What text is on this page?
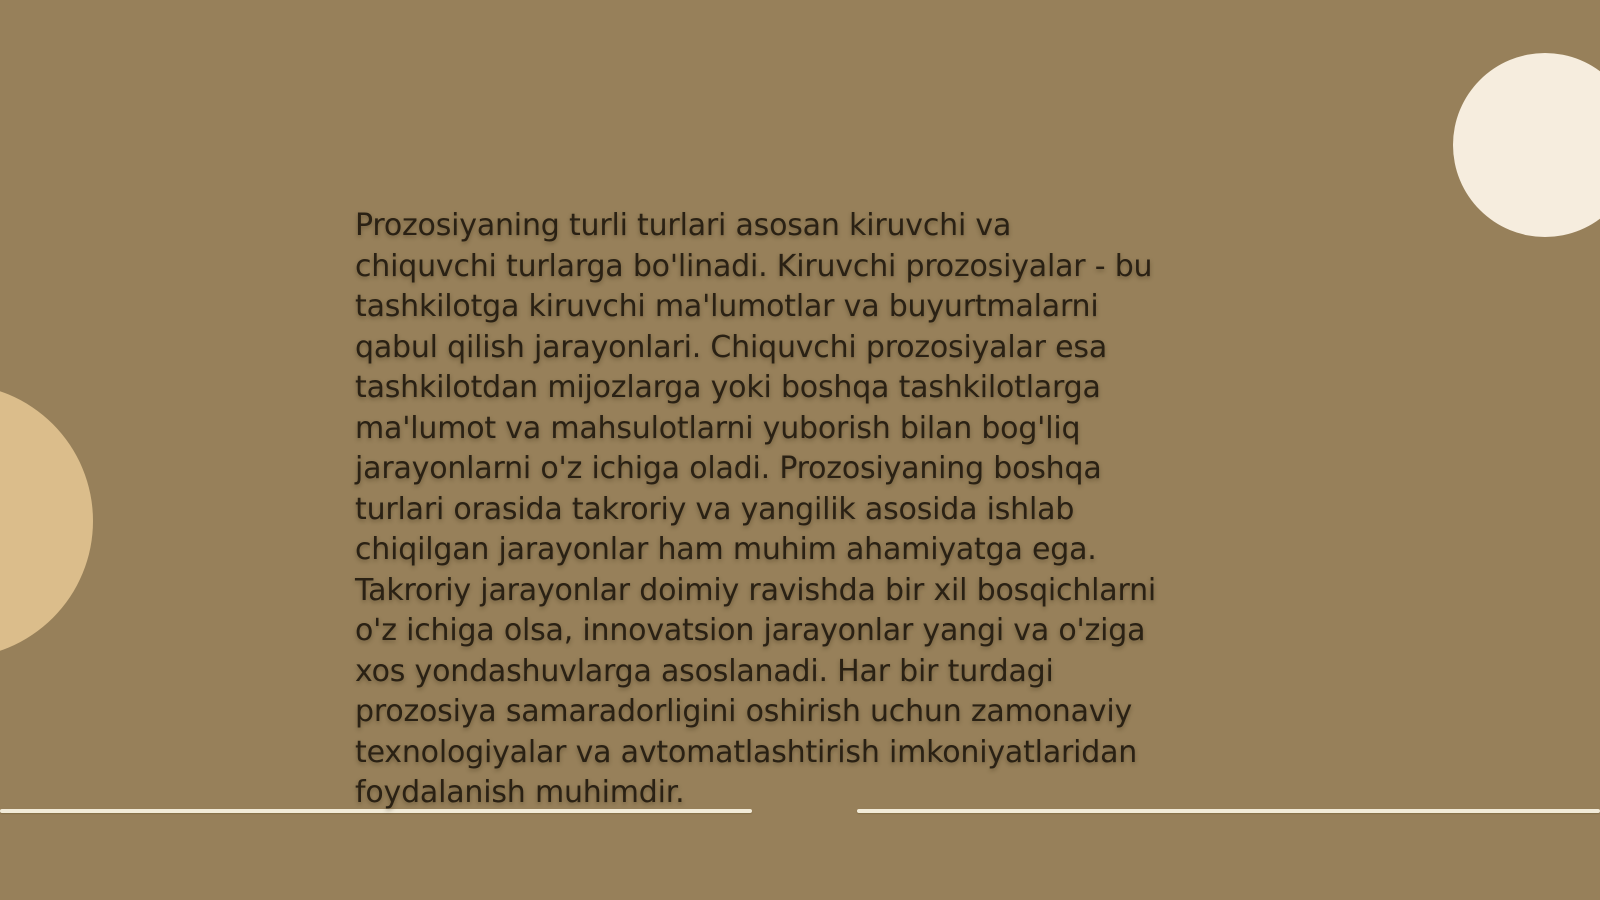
Prozosiyaning turli turlari asosan kiruvchi va
chiquvchi turlarga bo'linadi. Kiruvchi prozosiyalar - bu
tashkilotga kiruvchi ma'lumotlar va buyurtmalarni
qabul qilish jarayonlari. Chiquvchi prozosiyalar esa
tashkilotdan mijozlarga yoki boshqa tashkilotlarga
ma'lumot va mahsulotlarni yuborish bilan bog'liq
jarayonlarni o'z ichiga oladi. Prozosiyaning boshqa
turlari orasida takroriy va yangilik asosida ishlab
chiqilgan jarayonlar ham muhim ahamiyatga ega.
Takroriy jarayonlar doimiy ravishda bir xil bosqichlarni
o'z ichiga olsa, innovatsion jarayonlar yangi va o'ziga
xos yondashuvlarga asoslanadi. Har bir turdagi
prozosiya samaradorligini oshirish uchun zamonaviy
texnologiyalar va avtomatlashtirish imkoniyatlaridan
foydalanish muhimdir.
